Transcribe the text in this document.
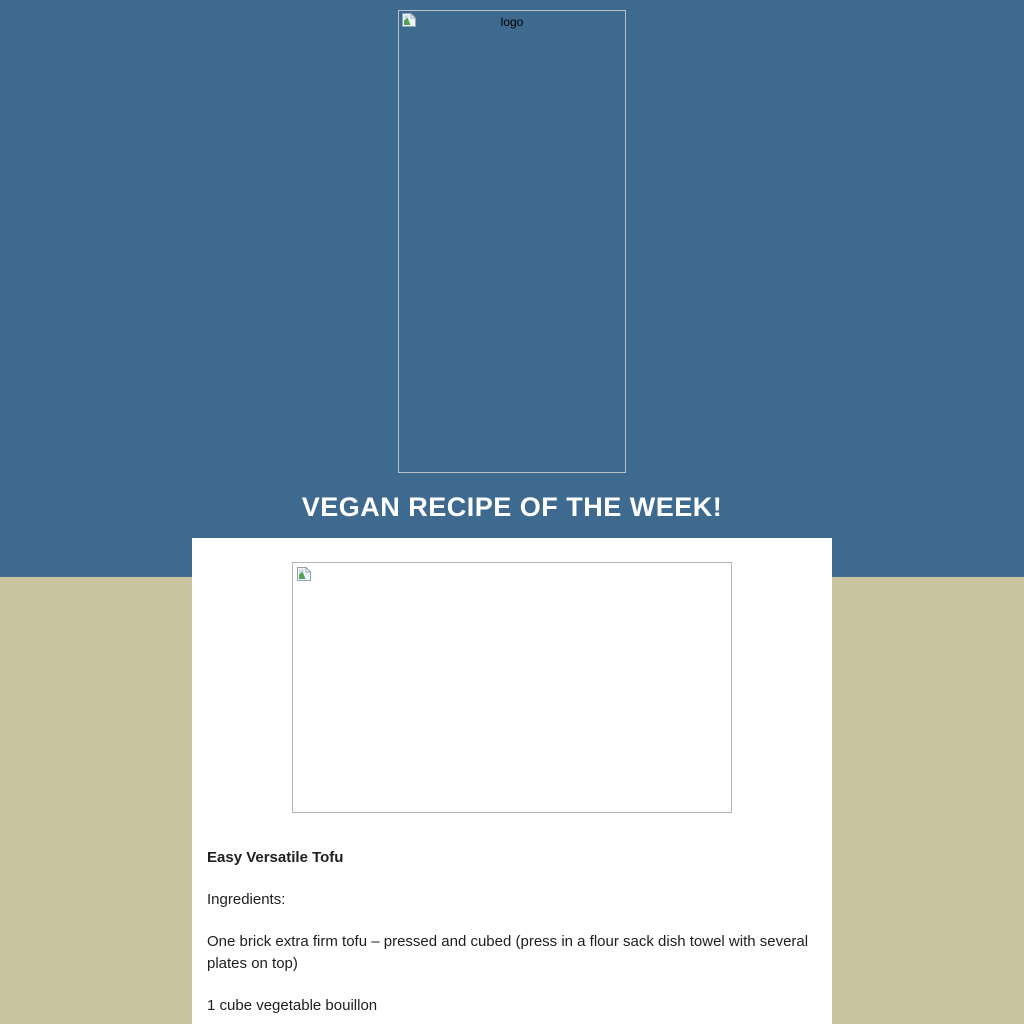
logo
VEGAN RECIPE OF THE WEEK!

Easy Versatile Tofu

Ingredients:

One brick extra firm tofu – pressed and cubed (press in a flour sack dish towel with several plates on top)

1 cube vegetable bouillon
